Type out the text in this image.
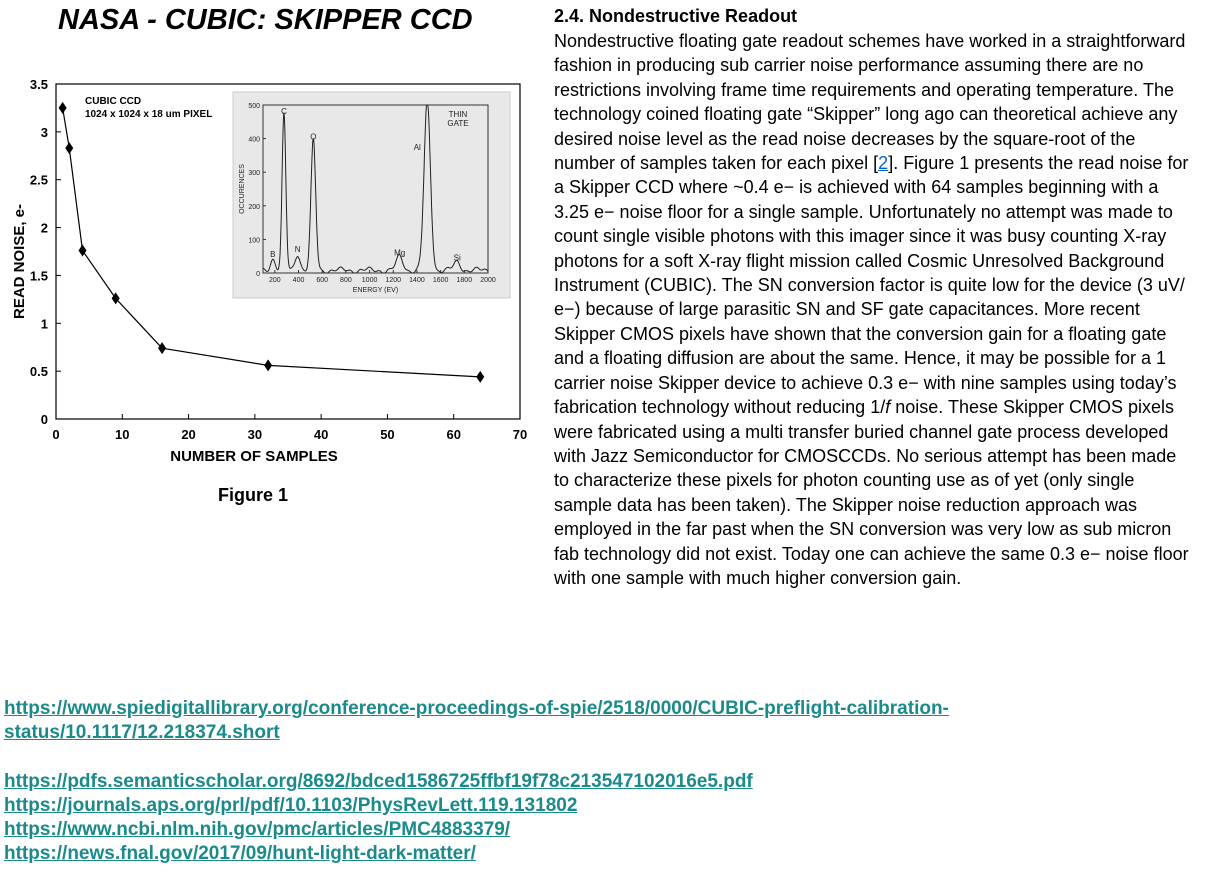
NASA - CUBIC: SKIPPER CCD
0
0.5
1
1.5
2
2.5
3
3.5
0	10	20	30	40	50	60	70
NUMBER OF SAMPLES
READ NOISE, e-
CUBIC CCD
1024 x 1024 x 18 um PIXEL
0
100
200
300
400
500
200 400 600 800 1000 1200 1400 1600 1800 2000
ENERGY (EV)
OCCURENCES
THIN
GATE
B
C
N
O
Mg
Al
Si
Figure 1
2.4. Nondestructive Readout
Nondestructive floating gate readout schemes have worked in a straightforward fashion in producing sub carrier noise performance assuming there are no restrictions involving frame time requirements and operating temperature. The technology coined floating gate “Skipper” long ago can theoretical achieve any desired noise level as the read noise decreases by the square-root of the number of samples taken for each pixel [2]. Figure 1 presents the read noise for a Skipper CCD where ~0.4 e− is achieved with 64 samples beginning with a 3.25 e− noise floor for a single sample. Unfortunately no attempt was made to count single visible photons with this imager since it was busy counting X-ray photons for a soft X-ray flight mission called Cosmic Unresolved Background Instrument (CUBIC). The SN conversion factor is quite low for the device (3 uV/ e−) because of large parasitic SN and SF gate capacitances. More recent Skipper CMOS pixels have shown that the conversion gain for a floating gate and a floating diffusion are about the same. Hence, it may be possible for a 1 carrier noise Skipper device to achieve 0.3 e− with nine samples using today’s fabrication technology without reducing 1/f noise. These Skipper CMOS pixels were fabricated using a multi transfer buried channel gate process developed with Jazz Semiconductor for CMOSCCDs. No serious attempt has been made to characterize these pixels for photon counting use as of yet (only single sample data has been taken). The Skipper noise reduction approach was employed in the far past when the SN conversion was very low as sub micron fab technology did not exist. Today one can achieve the same 0.3 e− noise floor with one sample with much higher conversion gain.
https://www.spiedigitallibrary.org/conference-proceedings-of-spie/2518/0000/CUBIC-preflight-calibration-status/10.1117/12.218374.short
https://pdfs.semanticscholar.org/8692/bdced1586725ffbf19f78c213547102016e5.pdf
https://journals.aps.org/prl/pdf/10.1103/PhysRevLett.119.131802
https://www.ncbi.nlm.nih.gov/pmc/articles/PMC4883379/
https://news.fnal.gov/2017/09/hunt-light-dark-matter/
